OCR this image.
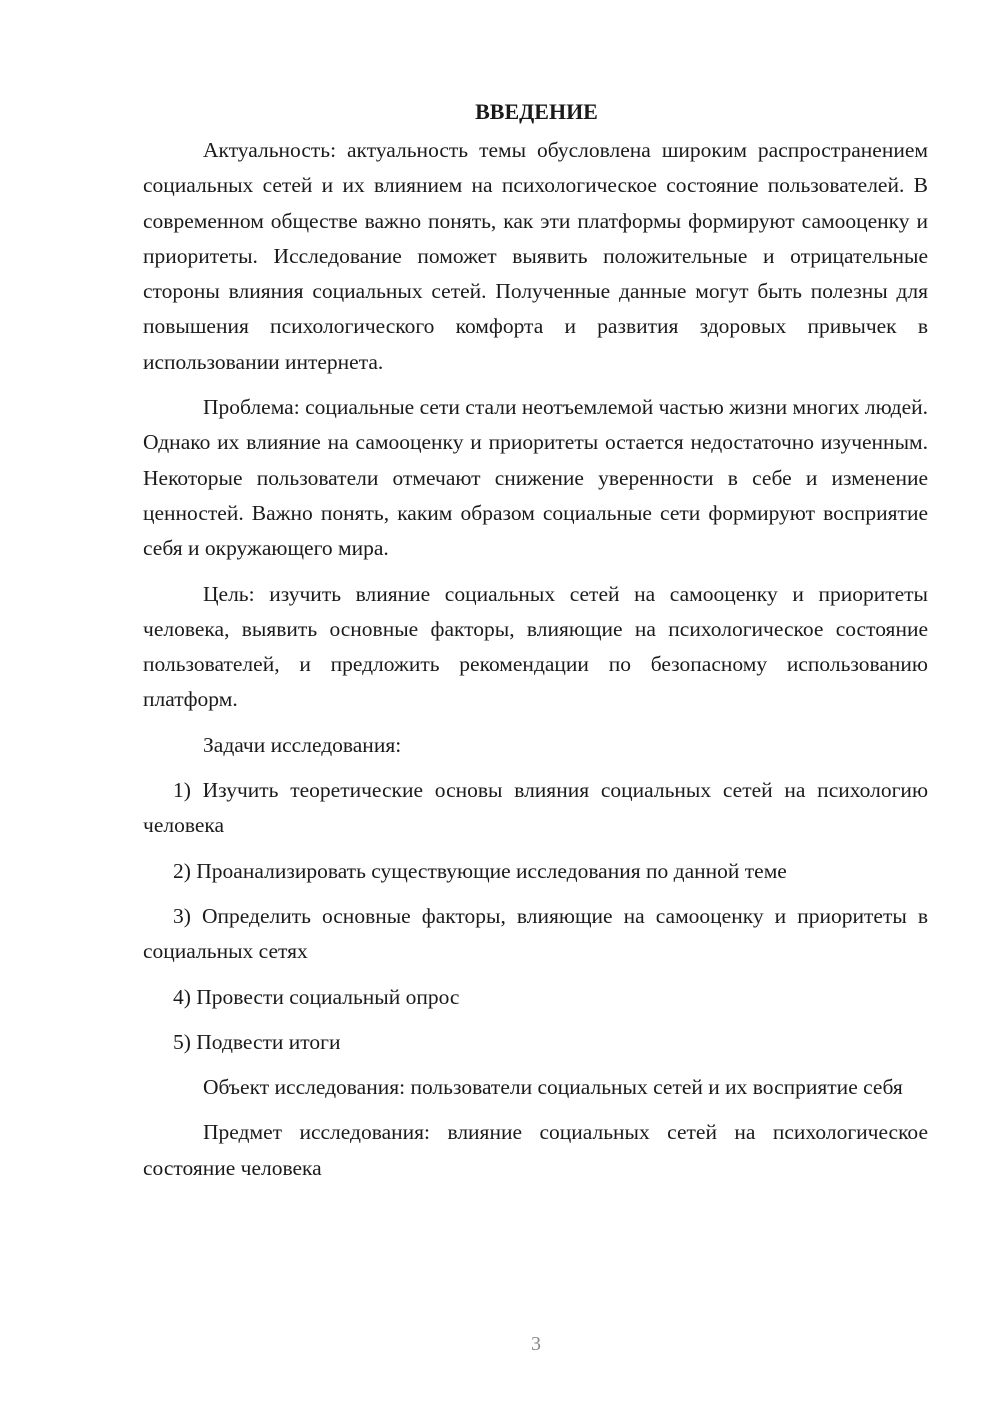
ВВЕДЕНИЕ

Актуальность: актуальность темы обусловлена широким распространением социальных сетей и их влиянием на психологическое состояние пользователей. В современном обществе важно понять, как эти платформы формируют самооценку и приоритеты. Исследование поможет выявить положительные и отрицательные стороны влияния социальных сетей. Полученные данные могут быть полезны для повышения психологического комфорта и развития здоровых привычек в использовании интернета.

Проблема: социальные сети стали неотъемлемой частью жизни многих людей. Однако их влияние на самооценку и приоритеты остается недостаточно изученным. Некоторые пользователи отмечают снижение уверенности в себе и изменение ценностей. Важно понять, каким образом социальные сети формируют восприятие себя и окружающего мира.

Цель: изучить влияние социальных сетей на самооценку и приоритеты человека, выявить основные факторы, влияющие на психологическое состояние пользователей, и предложить рекомендации по безопасному использованию платформ.

Задачи исследования:

1) Изучить теоретические основы влияния социальных сетей на психологию человека

2) Проанализировать существующие исследования по данной теме

3) Определить основные факторы, влияющие на самооценку и приоритеты в социальных сетях

4) Провести социальный опрос

5) Подвести итоги

Объект исследования: пользователи социальных сетей и их восприятие себя

Предмет исследования: влияние социальных сетей на психологическое состояние человека

3
